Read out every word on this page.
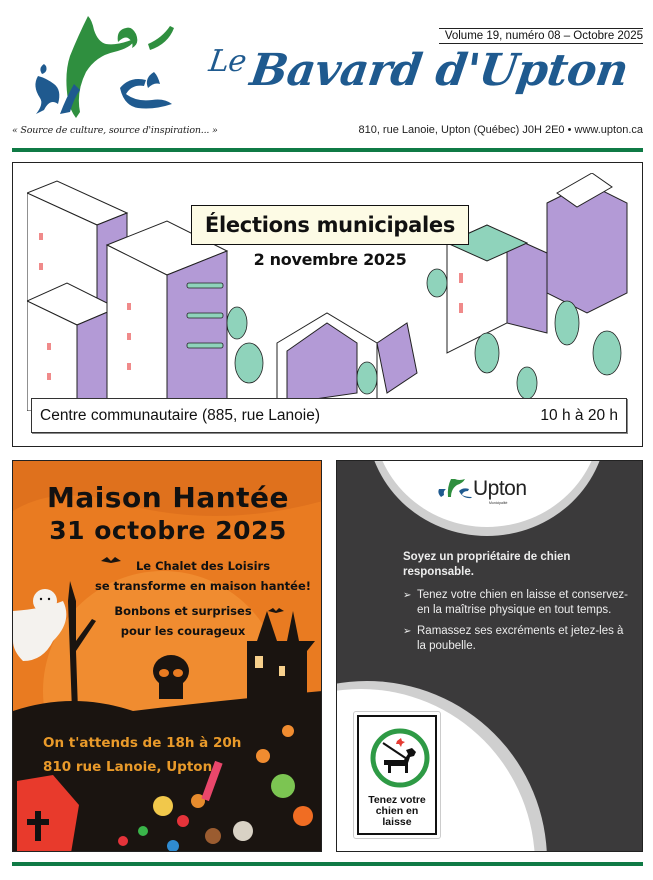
« Source de culture, source d'inspiration... »
$^{Le}$Bavard d'Upton
Volume 19, numéro 08 – Octobre 2025
810, rue Lanoie, Upton (Québec) J0H 2E0 • www.upton.ca
Élections municipales
2 novembre 2025
Centre communautaire (885, rue Lanoie)	10 h à 20 h
Maison Hantée
31 octobre 2025
Le Chalet des Loisirs
se transforme en maison hantée!
Bonbons et surprises
pour les courageux
On t'attends de 18h à 20h
810 rue Lanoie, Upton
Upton
Municipalité
Soyez un propriétaire de chien responsable.
➢ Tenez votre chien en laisse et conservez-en la maîtrise physique en tout temps.
➢ Ramassez ses excréments et jetez-les à la poubelle.
Tenez votre
chien en
laisse
